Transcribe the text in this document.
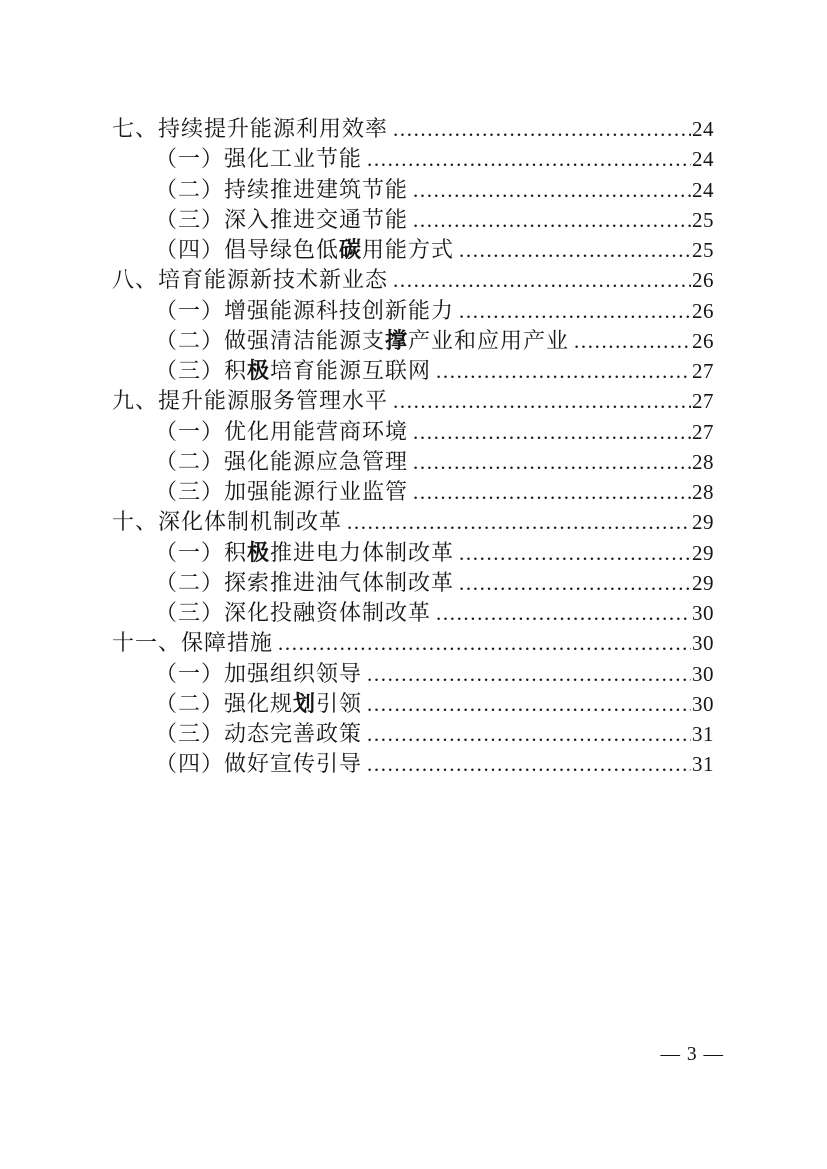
七、持续提升能源利用效率 .....	24
（一）强化工业节能 .....	24
（二）持续推进建筑节能 .....	24
（三）深入推进交通节能 .....	25
（四）倡导绿色低碳用能方式 .....	25
八、培育能源新技术新业态 .....	26
（一）增强能源科技创新能力 .....	26
（二）做强清洁能源支撑产业和应用产业 .....	26
（三）积极培育能源互联网 .....	27
九、提升能源服务管理水平 .....	27
（一）优化用能营商环境 .....	27
（二）强化能源应急管理 .....	28
（三）加强能源行业监管 .....	28
十、深化体制机制改革 .....	29
（一）积极推进电力体制改革 .....	29
（二）探索推进油气体制改革 .....	29
（三）深化投融资体制改革 .....	30
十一、保障措施 .....	30
（一）加强组织领导 .....	30
（二）强化规划引领 .....	30
（三）动态完善政策 .....	31
（四）做好宣传引导 .....	31
— 3 —
